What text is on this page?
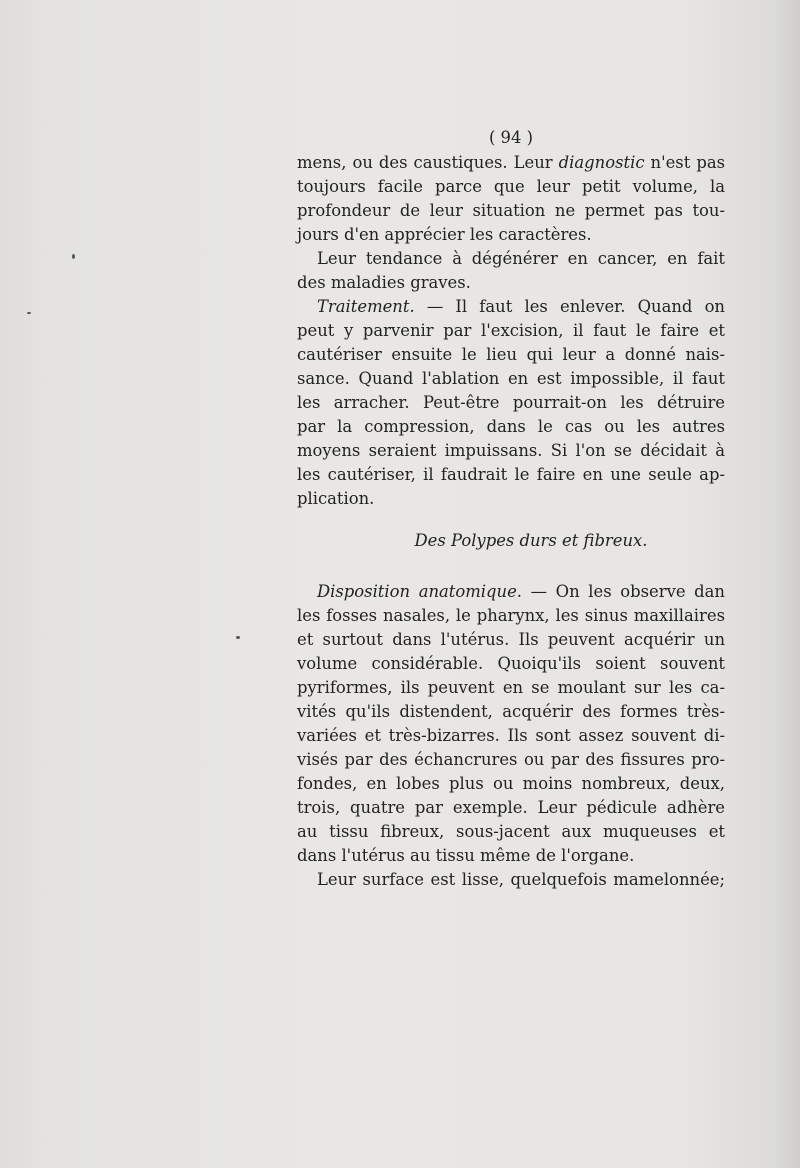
( 94 )
mens, ou des caustiques. Leur diagnostic n'est pas
toujours facile parce que leur petit volume, la
profondeur de leur situation ne permet pas tou-
jours d'en apprécier les caractères.
Leur tendance à dégénérer en cancer, en fait
des maladies graves.
Traitement. — Il faut les enlever. Quand on
peut y parvenir par l'excision, il faut le faire et
cautériser ensuite le lieu qui leur a donné nais-
sance. Quand l'ablation en est impossible, il faut
les arracher. Peut-être pourrait-on les détruire
par la compression, dans le cas ou les autres
moyens seraient impuissans. Si l'on se décidait à
les cautériser, il faudrait le faire en une seule ap-
plication.
Des Polypes durs et fibreux.
Disposition anatomique. — On les observe dan
les fosses nasales, le pharynx, les sinus maxillaires
et surtout dans l'utérus. Ils peuvent acquérir un
volume considérable. Quoiqu'ils soient souvent
pyriformes, ils peuvent en se moulant sur les ca-
vités qu'ils distendent, acquérir des formes très-
variées et très-bizarres. Ils sont assez souvent di-
visés par des échancrures ou par des fissures pro-
fondes, en lobes plus ou moins nombreux, deux,
trois, quatre par exemple. Leur pédicule adhère
au tissu fibreux, sous-jacent aux muqueuses et
dans l'utérus au tissu même de l'organe.
Leur surface est lisse, quelquefois mamelonnée;
